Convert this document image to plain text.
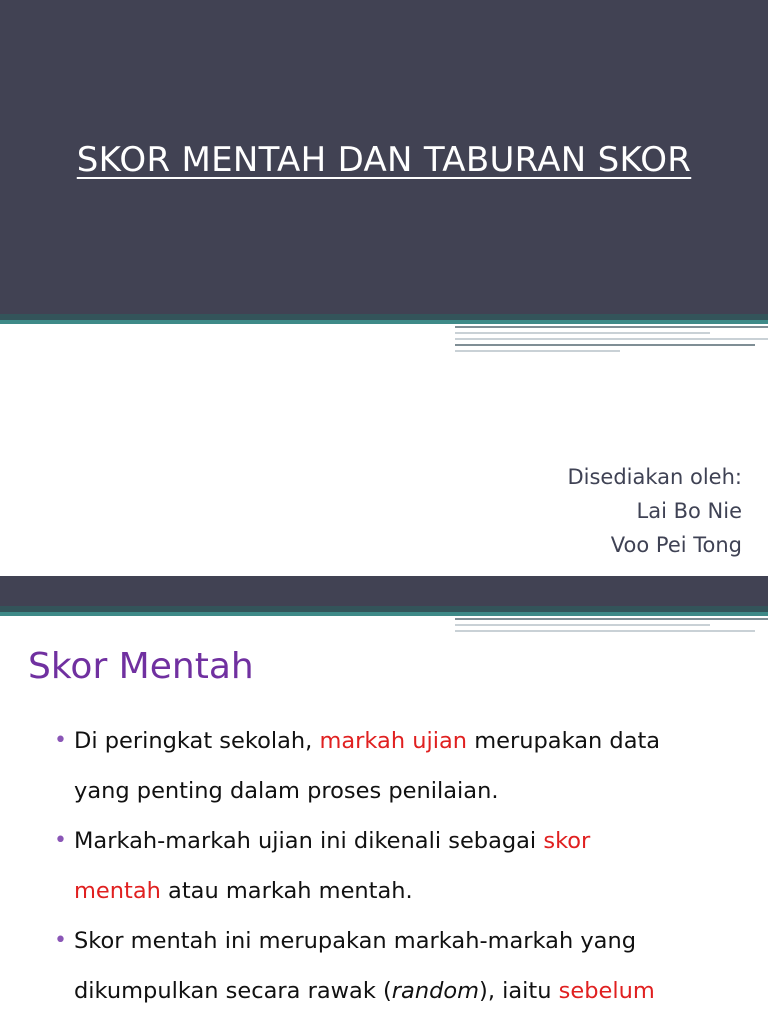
SKOR MENTAH DAN TABURAN SKOR
Disediakan oleh:
Lai Bo Nie
Voo Pei Tong
Skor Mentah
• Di peringkat sekolah, markah ujian merupakan data
yang penting dalam proses penilaian.
• Markah-markah ujian ini dikenali sebagai skor
mentah atau markah mentah.
• Skor mentah ini merupakan markah-markah yang
dikumpulkan secara rawak (random), iaitu sebelum
